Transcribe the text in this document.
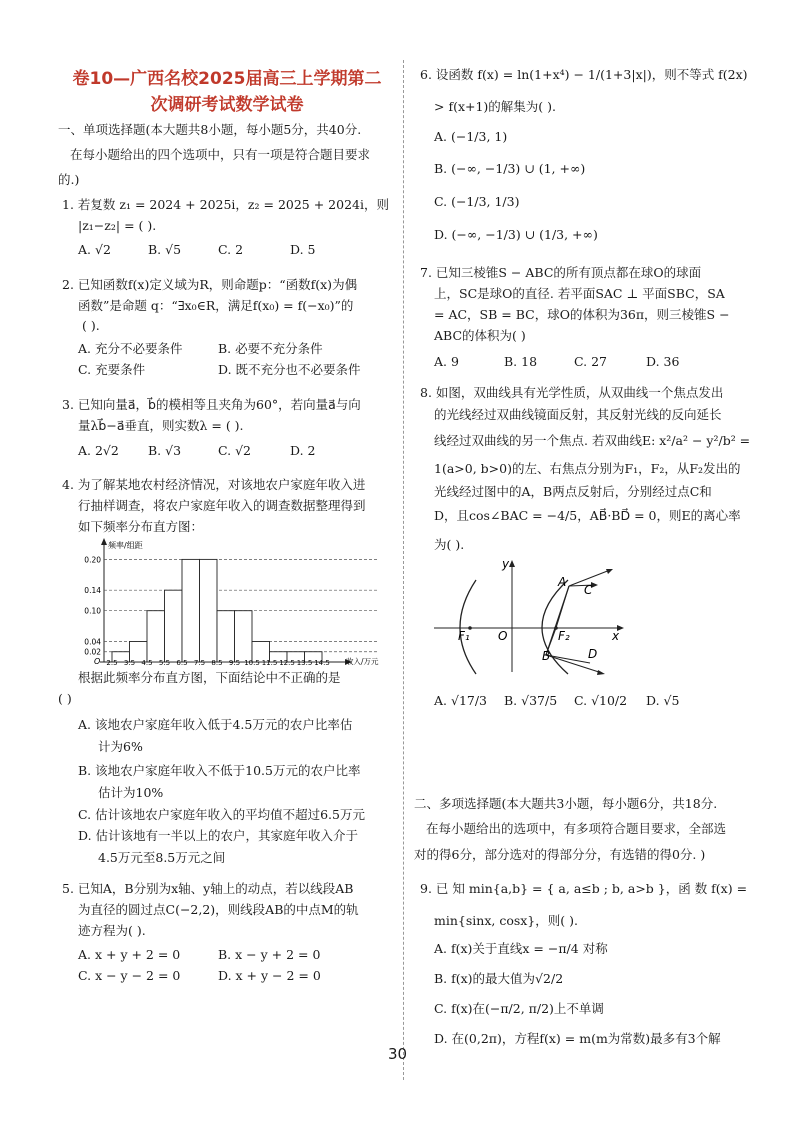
卷10—广西名校2025届高三上学期第二
次调研考试数学试卷
一、单项选择题(本大题共8小题，每小题5分，共40分.
在每小题给出的四个选项中，只有一项是符合题目要求
的.)
1. 若复数 z₁ = 2024 + 2025i，z₂ = 2025 + 2024i，则
|z₁−z₂| = ( ).
A. √2	B. √5	C. 2	D. 5
2. 已知函数f(x)定义域为R，则命题p：“函数f(x)为偶
函数”是命题 q：“∃x₀∈R，满足f(x₀) = f(−x₀)”的
( ).
A. 充分不必要条件	B. 必要不充分条件
C. 充要条件	D. 既不充分也不必要条件
3. 已知向量a⃗，b⃗的模相等且夹角为60°，若向量a⃗与向
量λb⃗−a⃗垂直，则实数λ = ( ).
A. 2√2 B. √3	C. √2	D. 2
4. 为了解某地农村经济情况，对该地农户家庭年收入进
行抽样调查，将农户家庭年收入的调查数据整理得到
如下频率分布直方图：
频率/组距
O	收入/万元
0.20
0.14
0.10
0.04
0.02
2.5 3.5 4.5 5.5 6.5 7.5 8.5 9.5 10.5 11.5 12.5 13.5 14.5
根据此频率分布直方图，下面结论中不正确的是
( )
A. 该地农户家庭年收入低于4.5万元的农户比率估
计为6%
B. 该地农户家庭年收入不低于10.5万元的农户比率
估计为10%
C. 估计该地农户家庭年收入的平均值不超过6.5万元
D. 估计该地有一半以上的农户，其家庭年收入介于
4.5万元至8.5万元之间
5. 已知A，B分别为x轴、y轴上的动点，若以线段AB
为直径的圆过点C(−2,2)，则线段AB的中点M的轨
迹方程为( ).
A. x + y + 2 = 0	B. x − y + 2 = 0
C. x − y − 2 = 0	D. x + y − 2 = 0
6. 设函数 f(x) = ln(1+x⁴) − 1/(1+3|x|)，则不等式 f(2x)
> f(x+1)的解集为( ).
A. (−1/3, 1)
B. (−∞, −1/3) ∪ (1, +∞)
C. (−1/3, 1/3)
D. (−∞, −1/3) ∪ (1/3, +∞)
7. 已知三棱锥S − ABC的所有顶点都在球O的球面
上，SC是球O的直径. 若平面SAC ⊥ 平面SBC，SA
= AC，SB = BC，球O的体积为36π，则三棱锥S −
ABC的体积为( )
A. 9	B. 18	C. 27	D. 36
8. 如图，双曲线具有光学性质，从双曲线一个焦点发出
的光线经过双曲线镜面反射，其反射光线的反向延长
线经过双曲线的另一个焦点. 若双曲线E: x²/a² − y²/b² =
1(a>0, b>0)的左、右焦点分别为F₁，F₂，从F₂发出的
光线经过图中的A，B两点反射后，分别经过点C和
D，且cos∠BAC = −4/5，AB⃗·BD⃗ = 0，则E的离心率
为( ).
y
x
F₁ O	F₂
A
C
B	D
A. √17/3 B. √37/5 C. √10/2 D. √5
二、多项选择题(本大题共3小题，每小题6分，共18分.
在每小题给出的选项中，有多项符合题目要求，全部选
对的得6分，部分选对的得部分分，有选错的得0分. )
9. 已 知 min{a,b} = { a, a≤b ; b, a>b }，函 数 f(x) =
min{sinx, cosx}，则( ).
A. f(x)关于直线x = −π/4 对称
B. f(x)的最大值为√2/2
C. f(x)在(−π/2, π/2)上不单调
D. 在(0,2π)，方程f(x) = m(m为常数)最多有3个解
30
